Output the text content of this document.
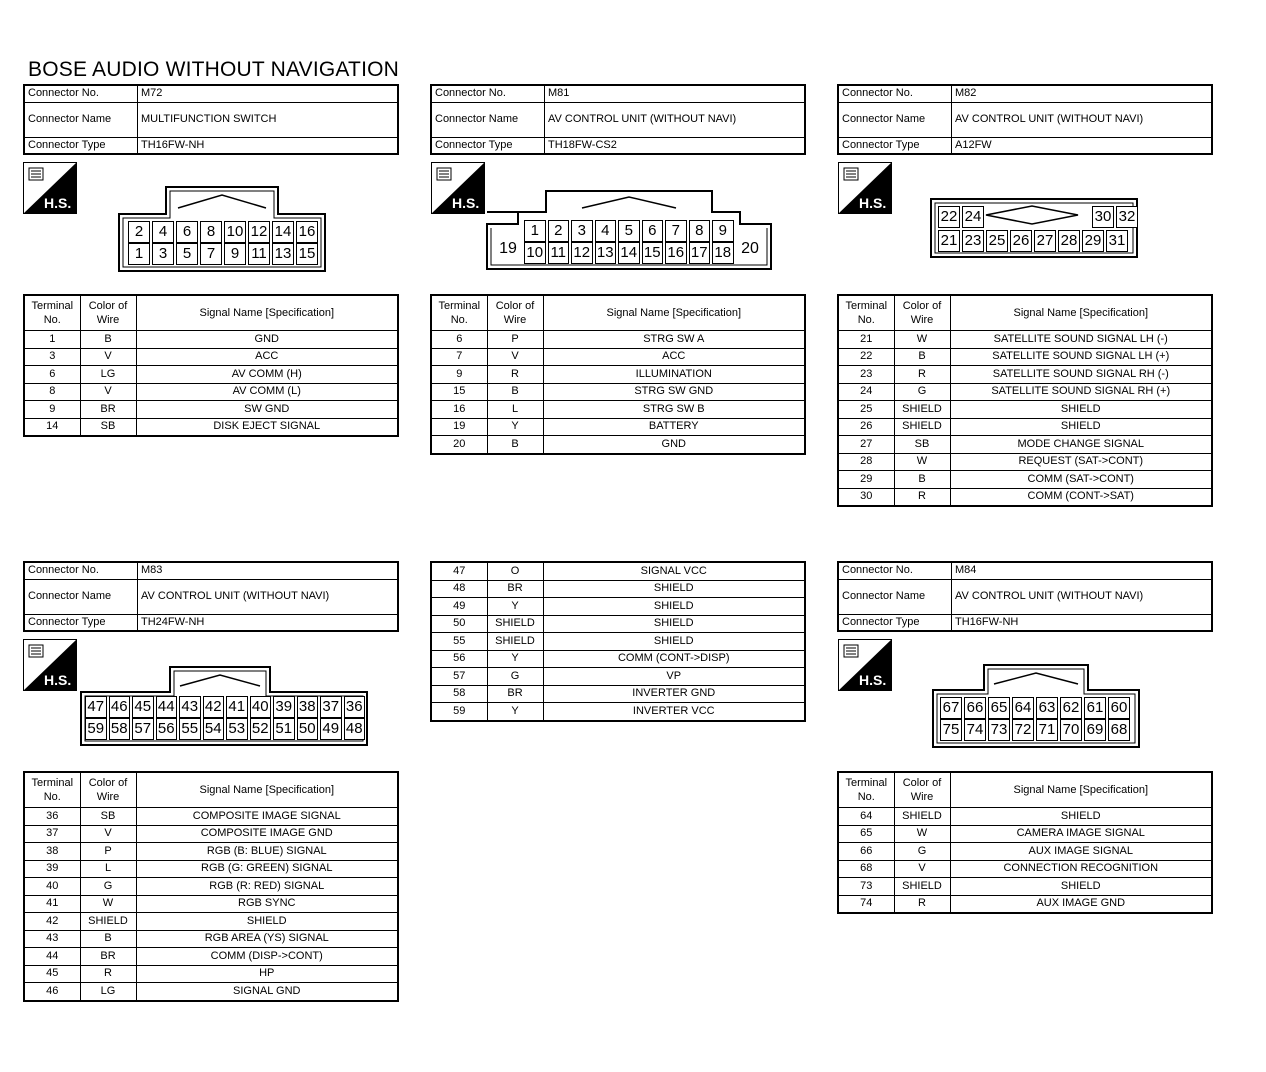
BOSE AUDIO WITHOUT NAVIGATION
Connector No.	M72
Connector Name	MULTIFUNCTION SWITCH
Connector Type	TH16FW-NH
H.S.
2	4	6	8 10 12 14 16
1	3	5	7	9 11 13 15
Terminal No.	Color of Wire	Signal Name [Specification]
1	B	GND
3	V	ACC
6	LG	AV COMM (H)
8	V	AV COMM (L)
9	BR	SW GND
14	SB	DISK EJECT SIGNAL
Connector No.	M81
Connector Name	AV CONTROL UNIT (WITHOUT NAVI)
Connector Type	TH18FW-CS2
H.S.
19	20
1	2	3	4	5	6	7	8	9
10 11 12 13 14 15 16 17 18
Terminal No.	Color of Wire	Signal Name [Specification]
6	P	STRG SW A
7	V	ACC
9	R	ILLUMINATION
15	B	STRG SW GND
16	L	STRG SW B
19	Y	BATTERY
20	B	GND
Connector No.	M82
Connector Name	AV CONTROL UNIT (WITHOUT NAVI)
Connector Type	A12FW
H.S.
22 24	30 32
21 23 25 26 27 28 29 31
Terminal No.	Color of Wire	Signal Name [Specification]
21	W	SATELLITE SOUND SIGNAL LH (-)
22	B	SATELLITE SOUND SIGNAL LH (+)
23	R	SATELLITE SOUND SIGNAL RH (-)
24	G	SATELLITE SOUND SIGNAL RH (+)
25	SHIELD	SHIELD
26	SHIELD	SHIELD
27	SB	MODE CHANGE SIGNAL
28	W	REQUEST (SAT->CONT)
29	B	COMM (SAT->CONT)
30	R	COMM (CONT->SAT)
Connector No.	M83
Connector Name	AV CONTROL UNIT (WITHOUT NAVI)
Connector Type	TH24FW-NH
H.S.
47 46 45 44 43 42 41 40 39 38 37 36
59 58 57 56 55 54 53 52 51 50 49 48
Terminal No.	Color of Wire	Signal Name [Specification]
36	SB	COMPOSITE IMAGE SIGNAL
37	V	COMPOSITE IMAGE GND
38	P	RGB (B: BLUE) SIGNAL
39	L	RGB (G: GREEN) SIGNAL
40	G	RGB (R: RED) SIGNAL
41	W	RGB SYNC
42	SHIELD	SHIELD
43	B	RGB AREA (YS) SIGNAL
44	BR	COMM (DISP->CONT)
45	R	HP
46	LG	SIGNAL GND
47	O	SIGNAL VCC
48	BR	SHIELD
49	Y	SHIELD
50	SHIELD	SHIELD
55	SHIELD	SHIELD
56	Y	COMM (CONT->DISP)
57	G	VP
58	BR	INVERTER GND
59	Y	INVERTER VCC
Connector No.	M84
Connector Name	AV CONTROL UNIT (WITHOUT NAVI)
Connector Type	TH16FW-NH
H.S.
67 66 65 64 63 62 61 60
75 74 73 72 71 70 69 68
Terminal No.	Color of Wire	Signal Name [Specification]
64	SHIELD	SHIELD
65	W	CAMERA IMAGE SIGNAL
66	G	AUX IMAGE SIGNAL
68	V	CONNECTION RECOGNITION
73	SHIELD	SHIELD
74	R	AUX IMAGE GND
